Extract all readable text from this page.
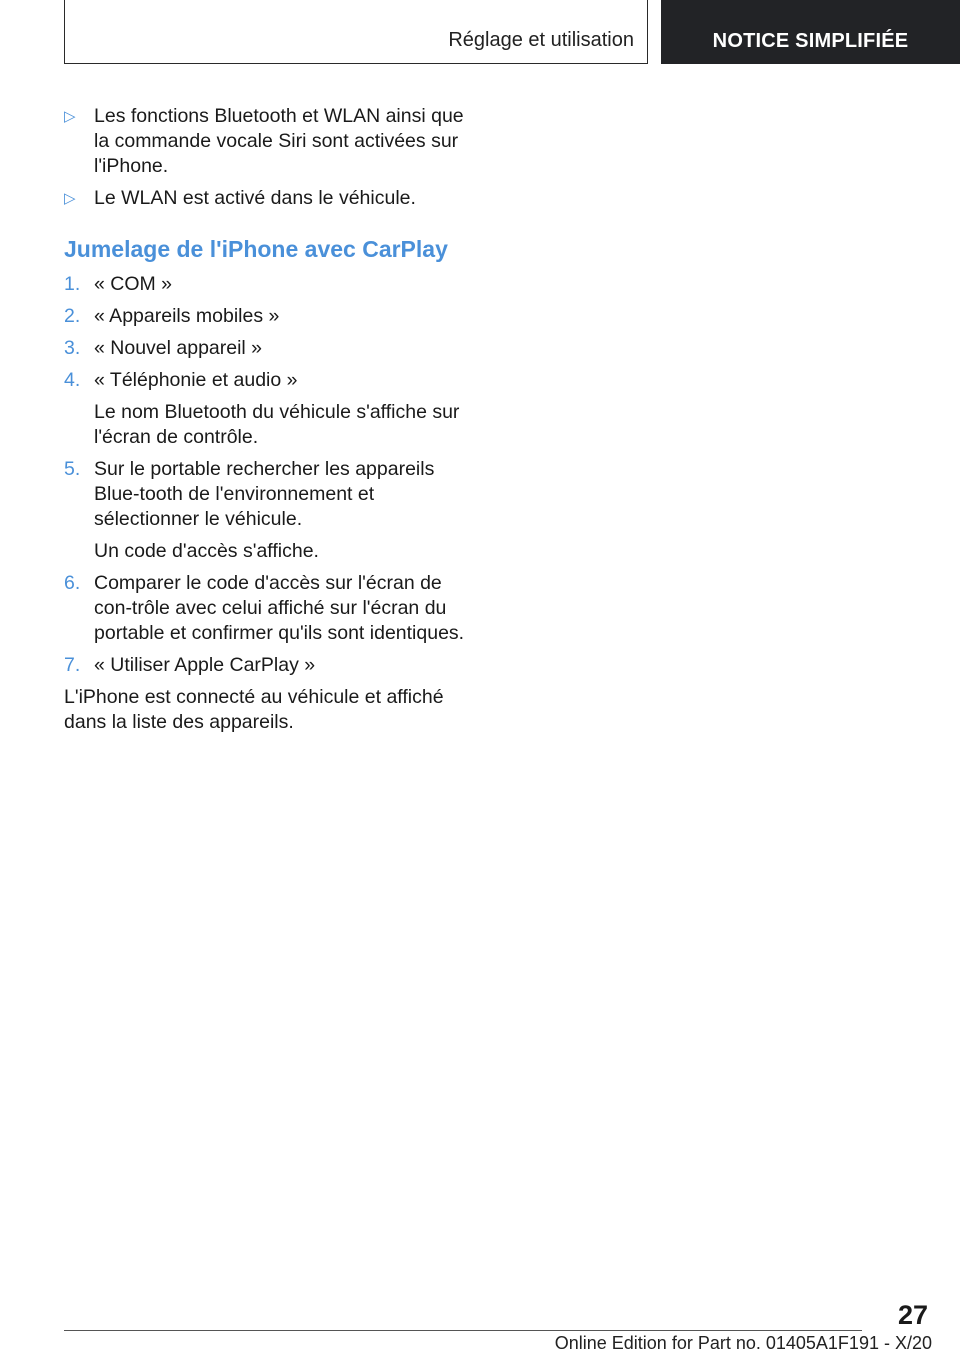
Réglage et utilisation	NOTICE SIMPLIFIÉE
▷ Les fonctions Bluetooth et WLAN ainsi que la commande vocale Siri sont activées sur l'iPhone.
▷ Le WLAN est activé dans le véhicule.
Jumelage de l'iPhone avec CarPlay
1. « COM »
2. « Appareils mobiles »
3. « Nouvel appareil »
4. « Téléphonie et audio »
Le nom Bluetooth du véhicule s'affiche sur l'écran de contrôle.
5. Sur le portable rechercher les appareils Blue-tooth de l'environnement et sélectionner le véhicule.
Un code d'accès s'affiche.
6. Comparer le code d'accès sur l'écran de con-trôle avec celui affiché sur l'écran du portable et confirmer qu'ils sont identiques.
7. « Utiliser Apple CarPlay »
L'iPhone est connecté au véhicule et affiché dans la liste des appareils.
27
Online Edition for Part no. 01405A1F191 - X/20
